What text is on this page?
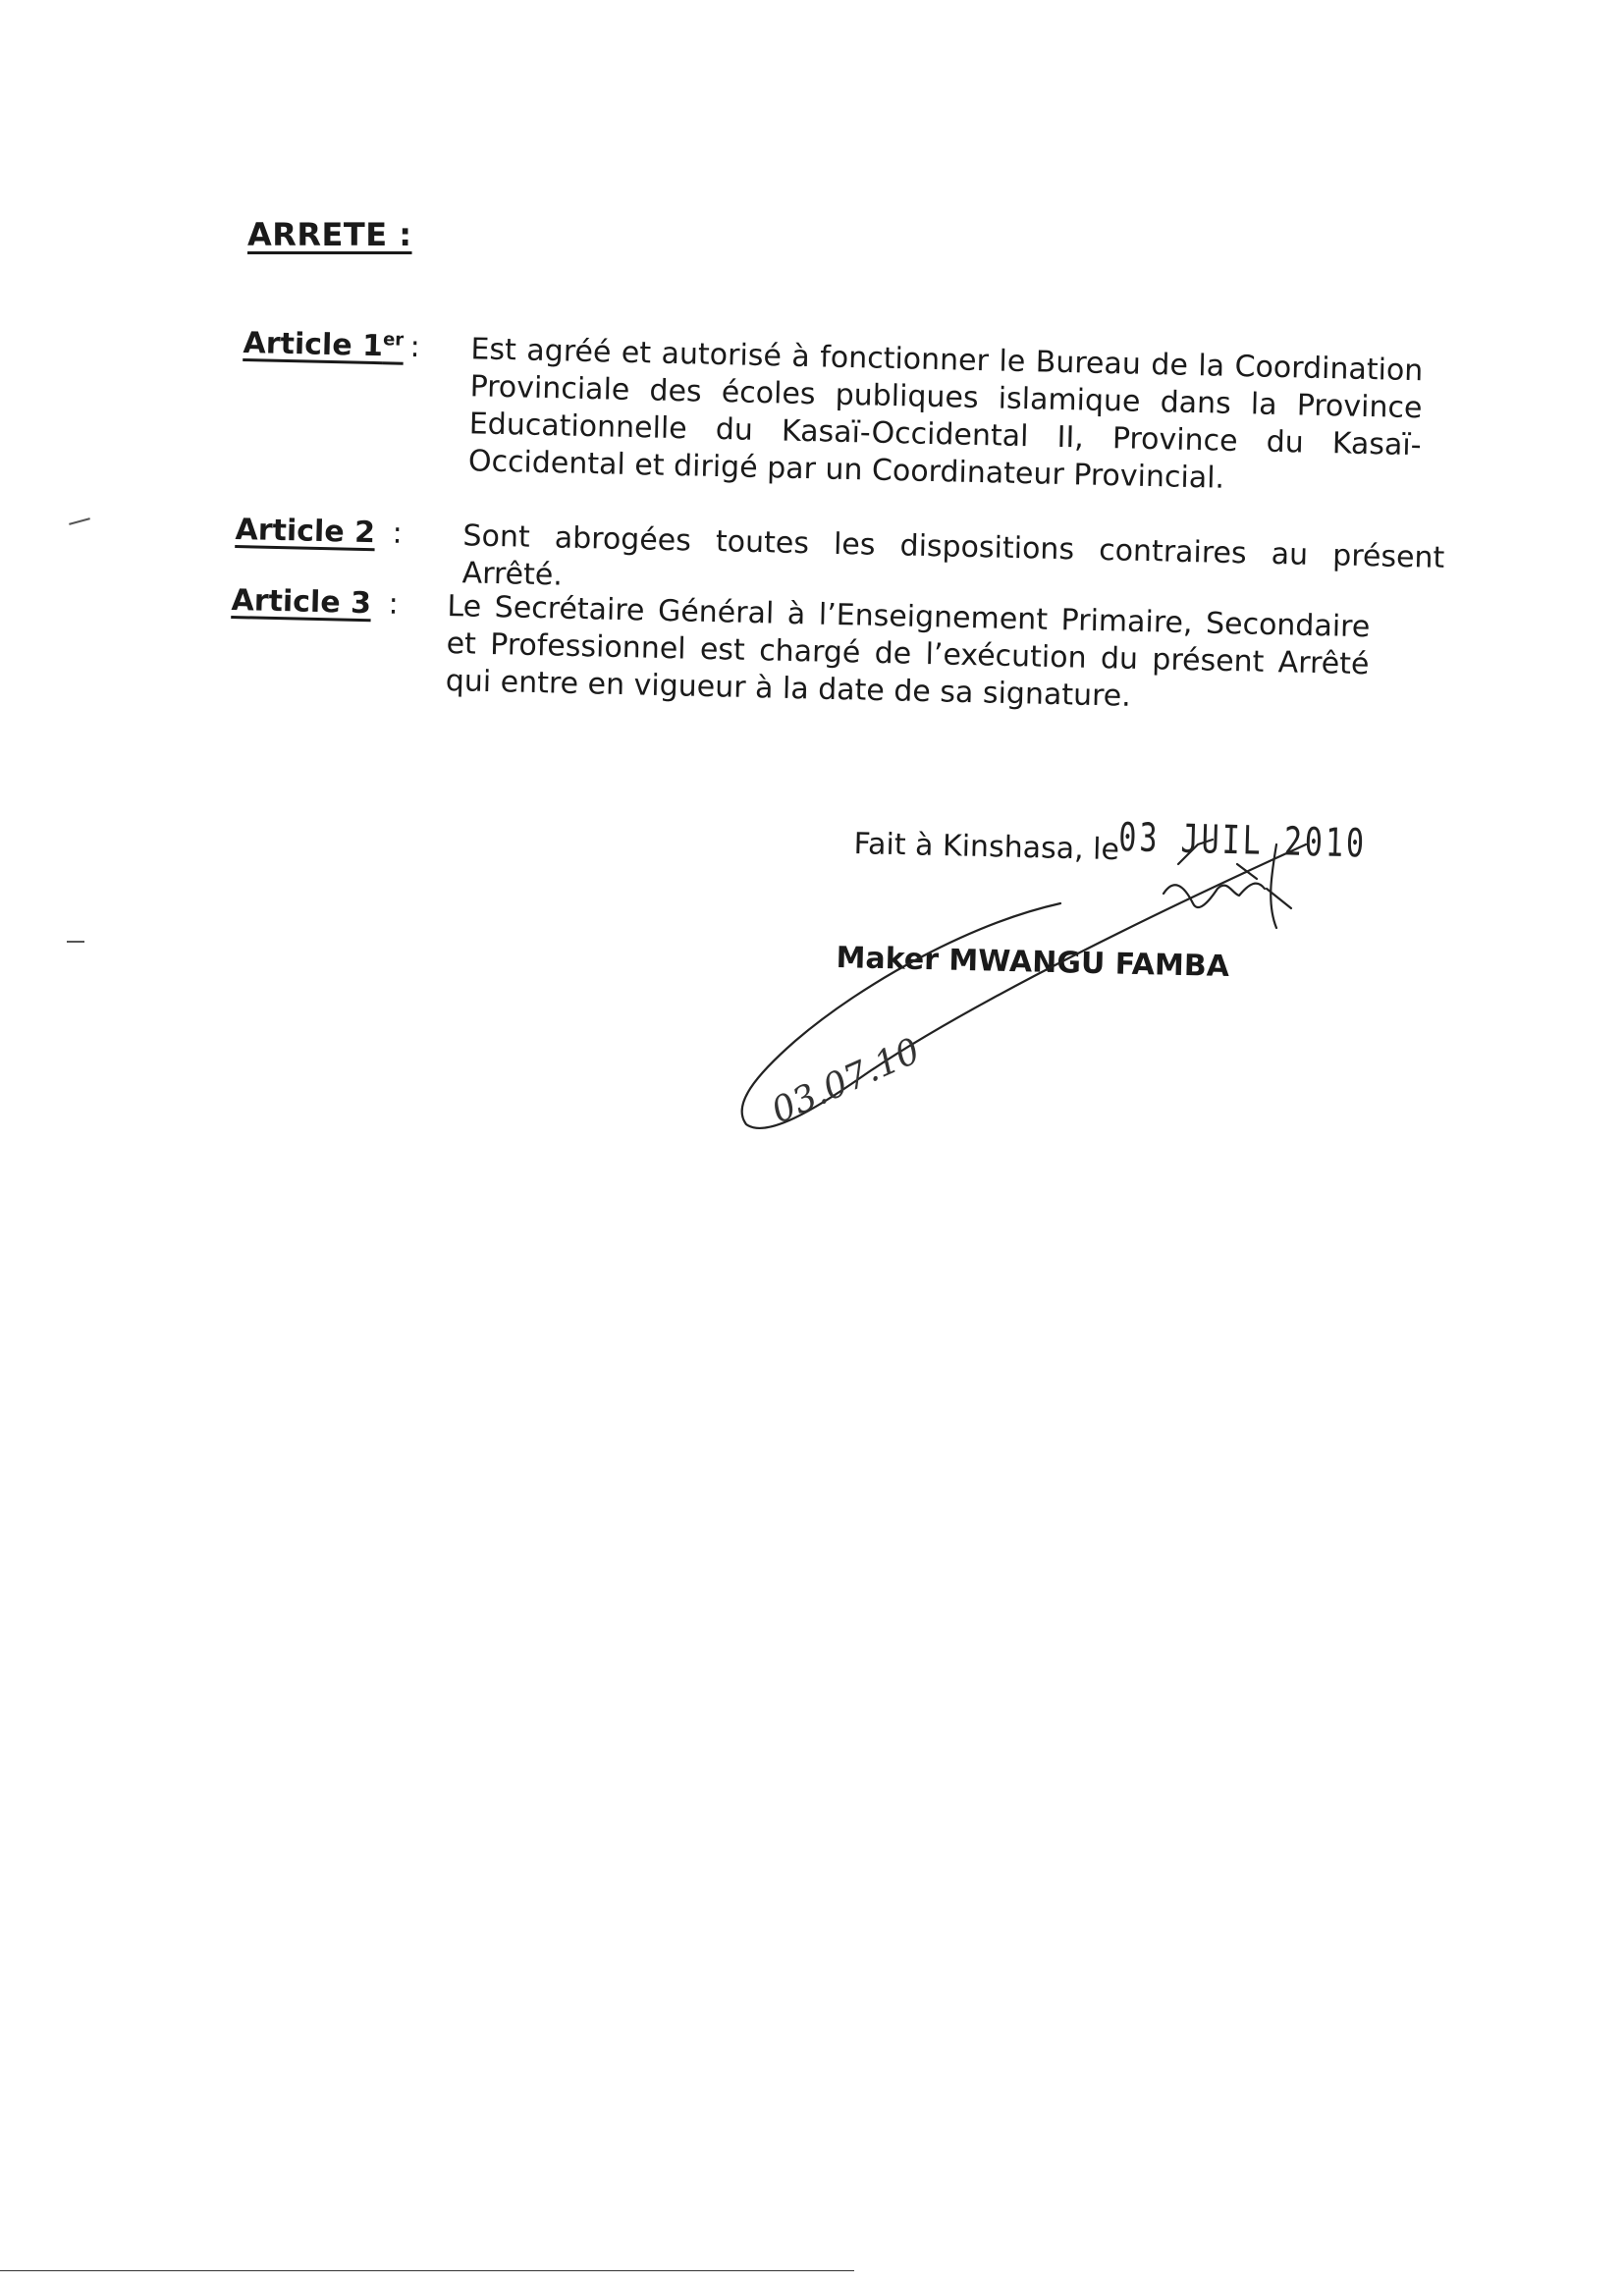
ARRETE :
Article 1er : Est agréé et autorisé à fonctionner le Bureau de la Coordination Provinciale des écoles publiques islamique dans la Province Educationnelle du Kasaï-Occidental II, Province du Kasaï- Occidental et dirigé par un Coordinateur Provincial.
Article 2 : Sont abrogées toutes les dispositions contraires au présent Arrêté.
Article 3 : Le Secrétaire Général à l’Enseignement Primaire, Secondaire et Professionnel est chargé de l’exécution du présent Arrêté qui entre en vigueur à la date de sa signature.
Fait à Kinshasa, le
03 JUIL 2010
Maker MWANGU FAMBA
03.07.10
